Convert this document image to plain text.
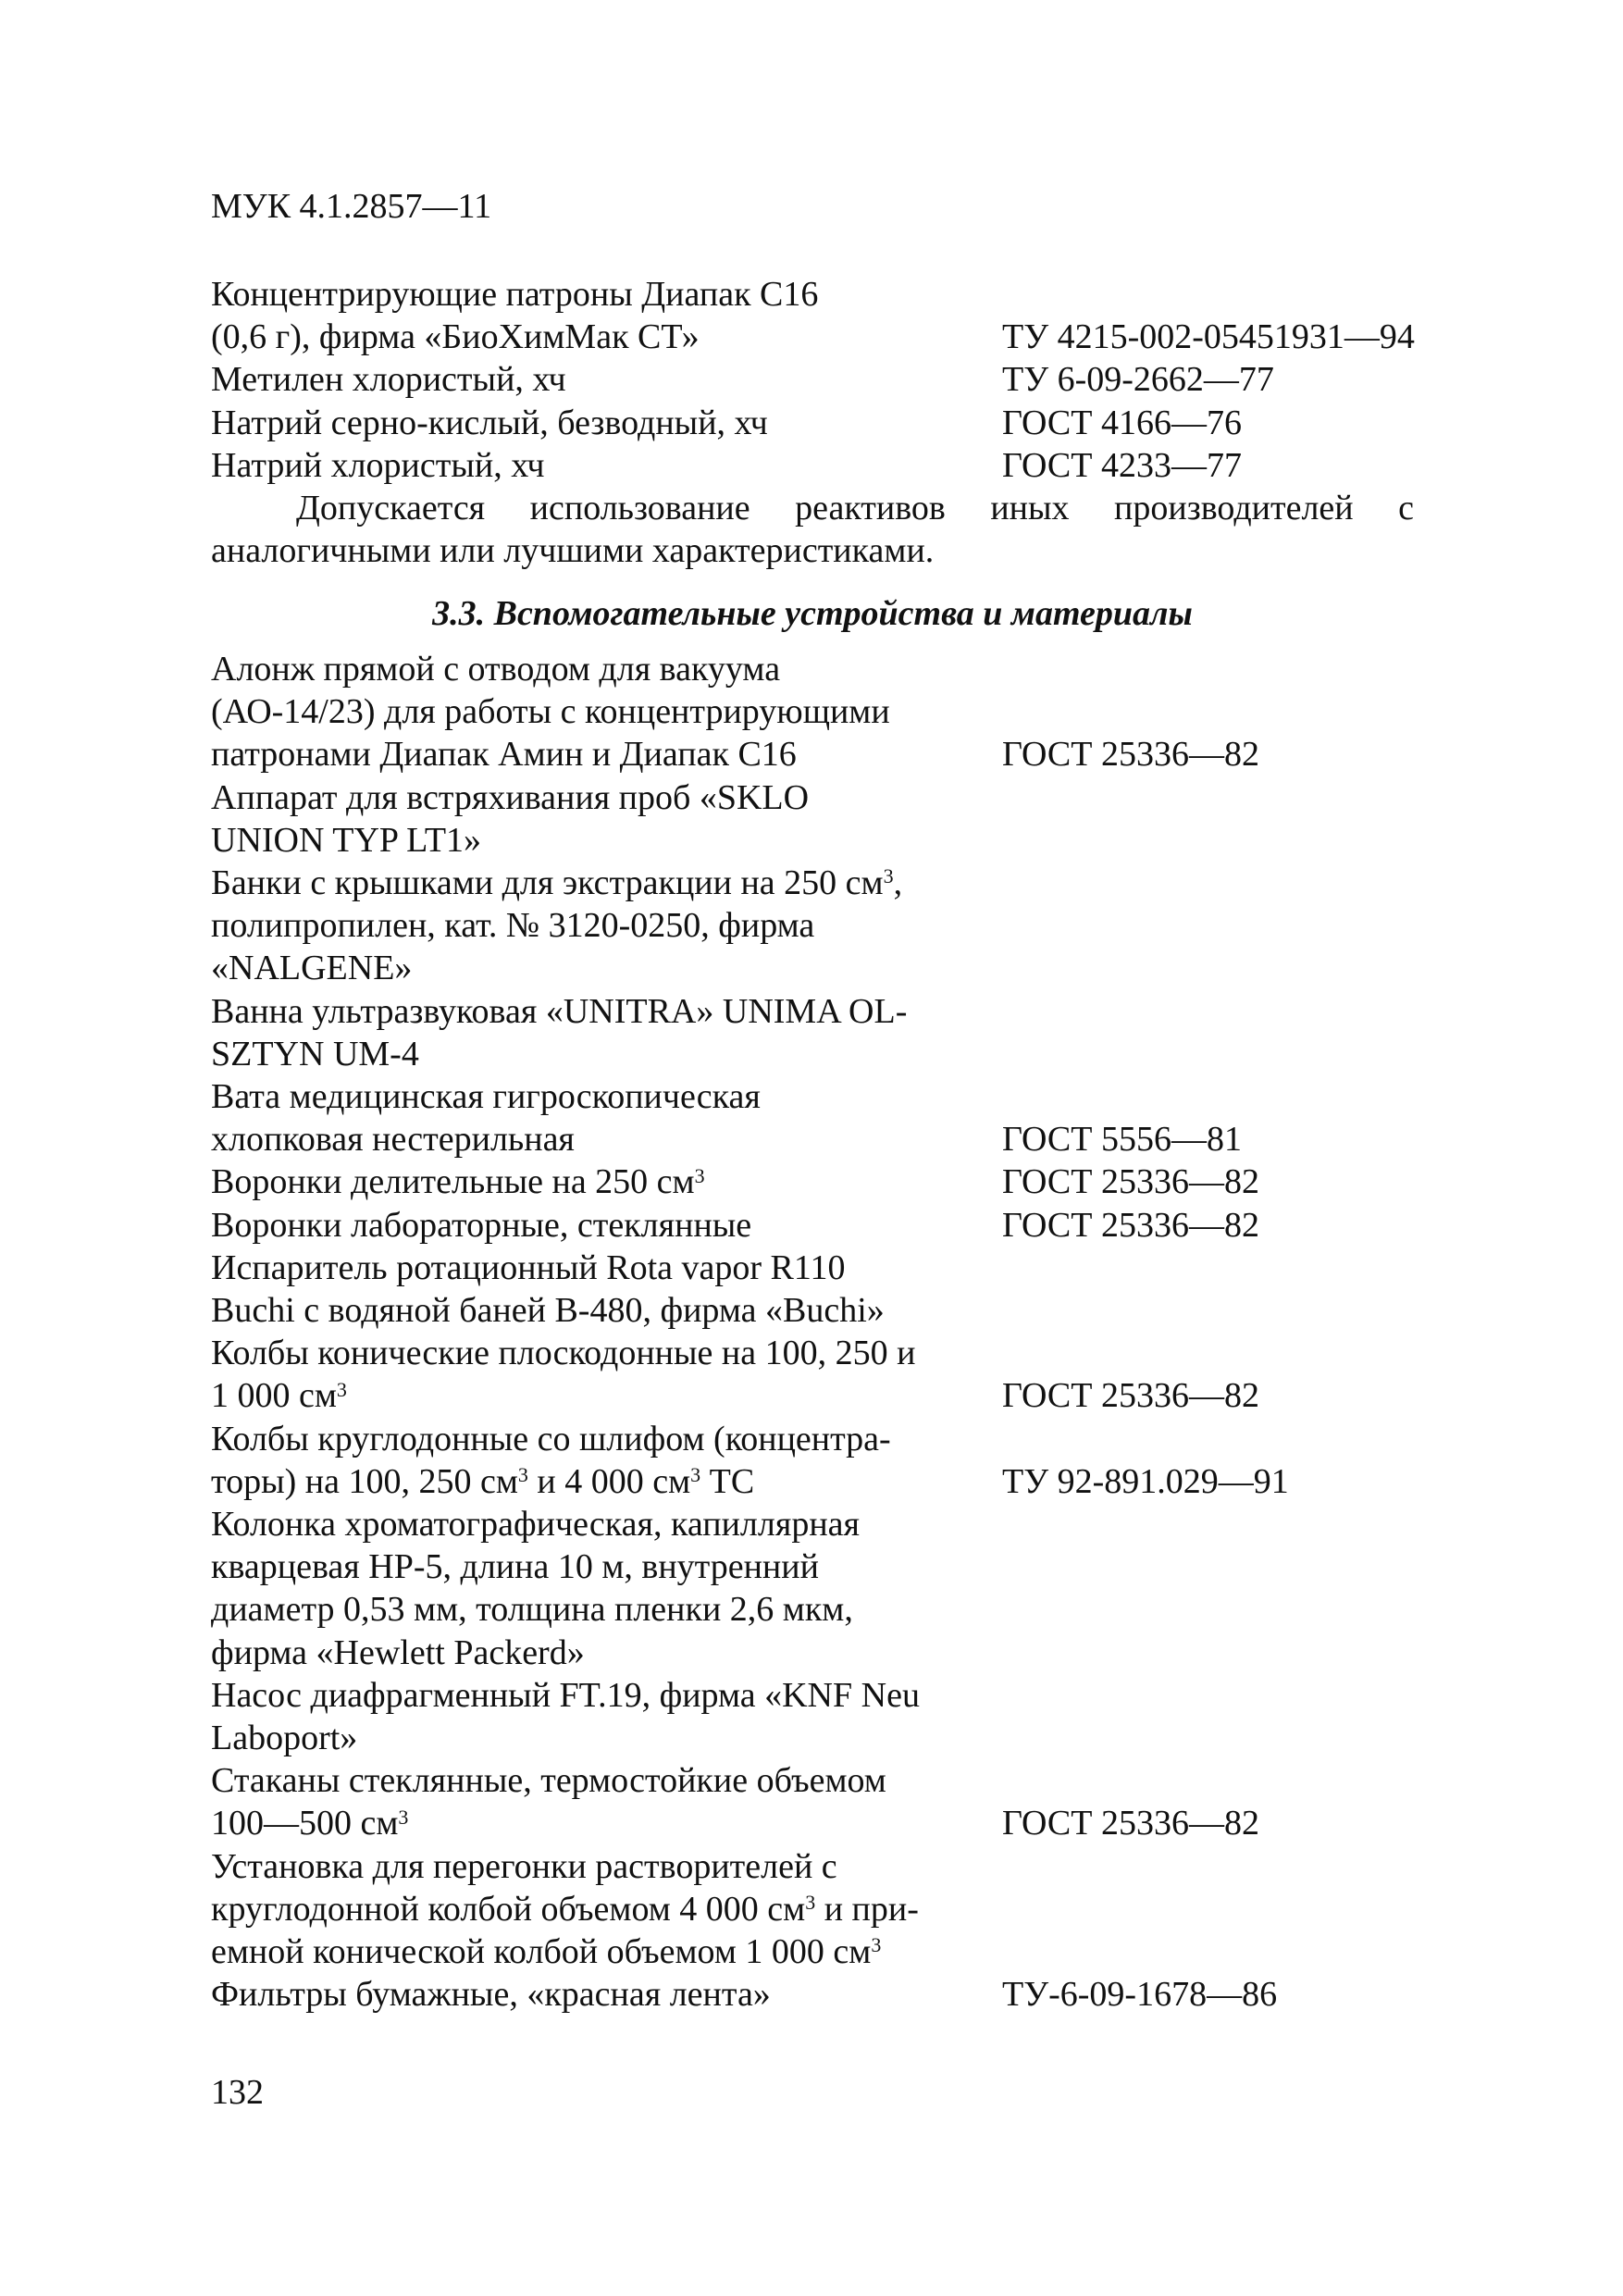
МУК 4.1.2857—11
Концентрирующие патроны Диапак С16
(0,6 г), фирма «БиоХимМак СТ»	ТУ 4215-002-05451931—94
Метилен хлористый, хч	ТУ 6-09-2662—77
Натрий серно-кислый, безводный, хч	ГОСТ 4166—76
Натрий хлористый, хч	ГОСТ 4233—77
Допускается использование реактивов иных производителей с аналогичными или лучшими характеристиками.
3.3. Вспомогательные устройства и материалы
Алонж прямой с отводом для вакуума
(АО-14/23) для работы с концентрирующими
патронами Диапак Амин и Диапак С16	ГОСТ 25336—82
Аппарат для встряхивания проб «SKLO
UNION TYP LT1»
Банки с крышками для экстракции на 250 $см^3$,
полипропилен, кат. № 3120-0250, фирма
«NALGENE»
Ванна ультразвуковая «UNITRA» UNIMA OL-
SZTYN UM-4
Вата медицинская гигроскопическая
хлопковая нестерильная	ГОСТ 5556—81
Воронки делительные на 250 $см^3$	ГОСТ 25336—82
Воронки лабораторные, стеклянные	ГОСТ 25336—82
Испаритель ротационный Rota vapor R110
Buchi с водяной баней B-480, фирма «Buchi»
Колбы конические плоскодонные на 100, 250 и
1 000 $см^3$	ГОСТ 25336—82
Колбы круглодонные со шлифом (концентра-
торы) на 100, 250 $см^3$ и 4 000 $см^3$ ТС	ТУ 92-891.029—91
Колонка хроматографическая, капиллярная
кварцевая HP-5, длина 10 м, внутренний
диаметр 0,53 мм, толщина пленки 2,6 мкм,
фирма «Hewlett Packerd»
Насос диафрагменный FT.19, фирма «KNF Neu
Laboport»
Стаканы стеклянные, термостойкие объемом
100—500 $см^3$	ГОСТ 25336—82
Установка для перегонки растворителей с
круглодонной колбой объемом 4 000 $см^3$ и при-
емной конической колбой объемом 1 000 $см^3$
Фильтры бумажные, «красная лента»	ТУ-6-09-1678—86
132
